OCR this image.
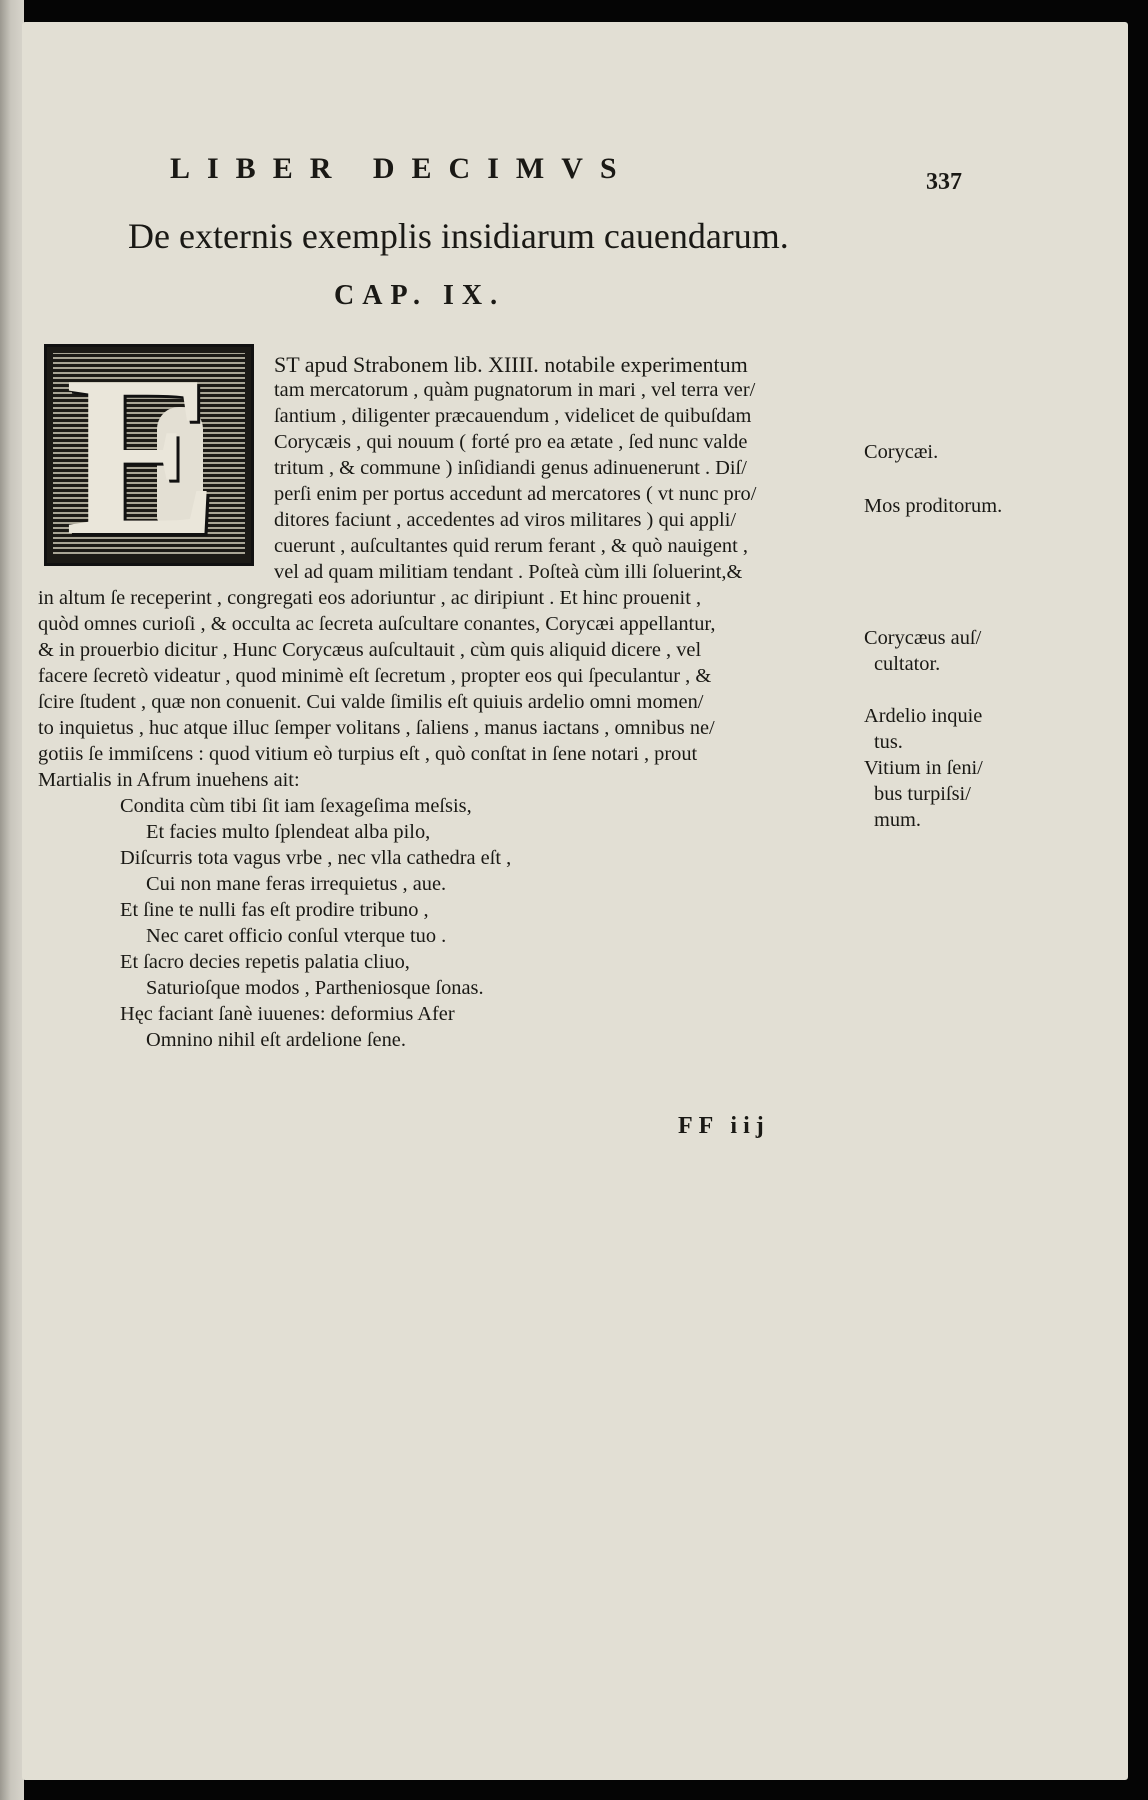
LIBER DECIMVS	337
De externis exemplis insidiarum cauendarum.
CAP. IX.
E	ST apud Strabonem lib. XIIII. notabile experimentum
tam mercatorum , quàm pugnatorum in mari , vel terra ver/
ſantium , diligenter præcauendum , videlicet de quibuſdam
Corycæis , qui nouum ( forté pro ea ætate , ſed nunc valde
tritum , & commune ) inſidiandi genus adinuenerunt . Diſ/
perſi enim per portus accedunt ad mercatores ( vt nunc pro/
ditores faciunt , accedentes ad viros militares ) qui appli/
cuerunt , auſcultantes quid rerum ferant , & quò nauigent ,
vel ad quam militiam tendant . Poſteà cùm illi ſoluerint,&
in altum ſe receperint , congregati eos adoriuntur , ac diripiunt . Et hinc prouenit ,
quòd omnes curioſi , & occulta ac ſecreta auſcultare conantes, Corycæi appellantur,
& in prouerbio dicitur , Hunc Corycæus auſcultauit , cùm quis aliquid dicere , vel
facere ſecretò videatur , quod minimè eſt ſecretum , propter eos qui ſpeculantur , &
ſcire ſtudent , quæ non conuenit. Cui valde ſimilis eſt quiuis ardelio omni momen/
to inquietus , huc atque illuc ſemper volitans , ſaliens , manus iactans , omnibus ne/
gotiis ſe immiſcens : quod vitium eò turpius eſt , quò conſtat in ſene notari , prout
Martialis in Afrum inuehens ait:
Condita cùm tibi ſit iam ſexageſima meſsis,
Et facies multo ſplendeat alba pilo,
Diſcurris tota vagus vrbe , nec vlla cathedra eſt ,
Cui non mane feras irrequietus , aue.
Et ſine te nulli fas eſt prodire tribuno ,
Nec caret officio conſul vterque tuo .
Et ſacro decies repetis palatia cliuo,
Saturioſque modos , Partheniosque ſonas.
Hęc faciant ſanè iuuenes: deformius Afer
Omnino nihil eſt ardelione ſene.
Corycæi.
Mos proditorum.
Corycæus auſ/
cultator.
Ardelio inquie
tus.
Vitium in ſeni/
bus turpiſsi/
mum.
FF iij
